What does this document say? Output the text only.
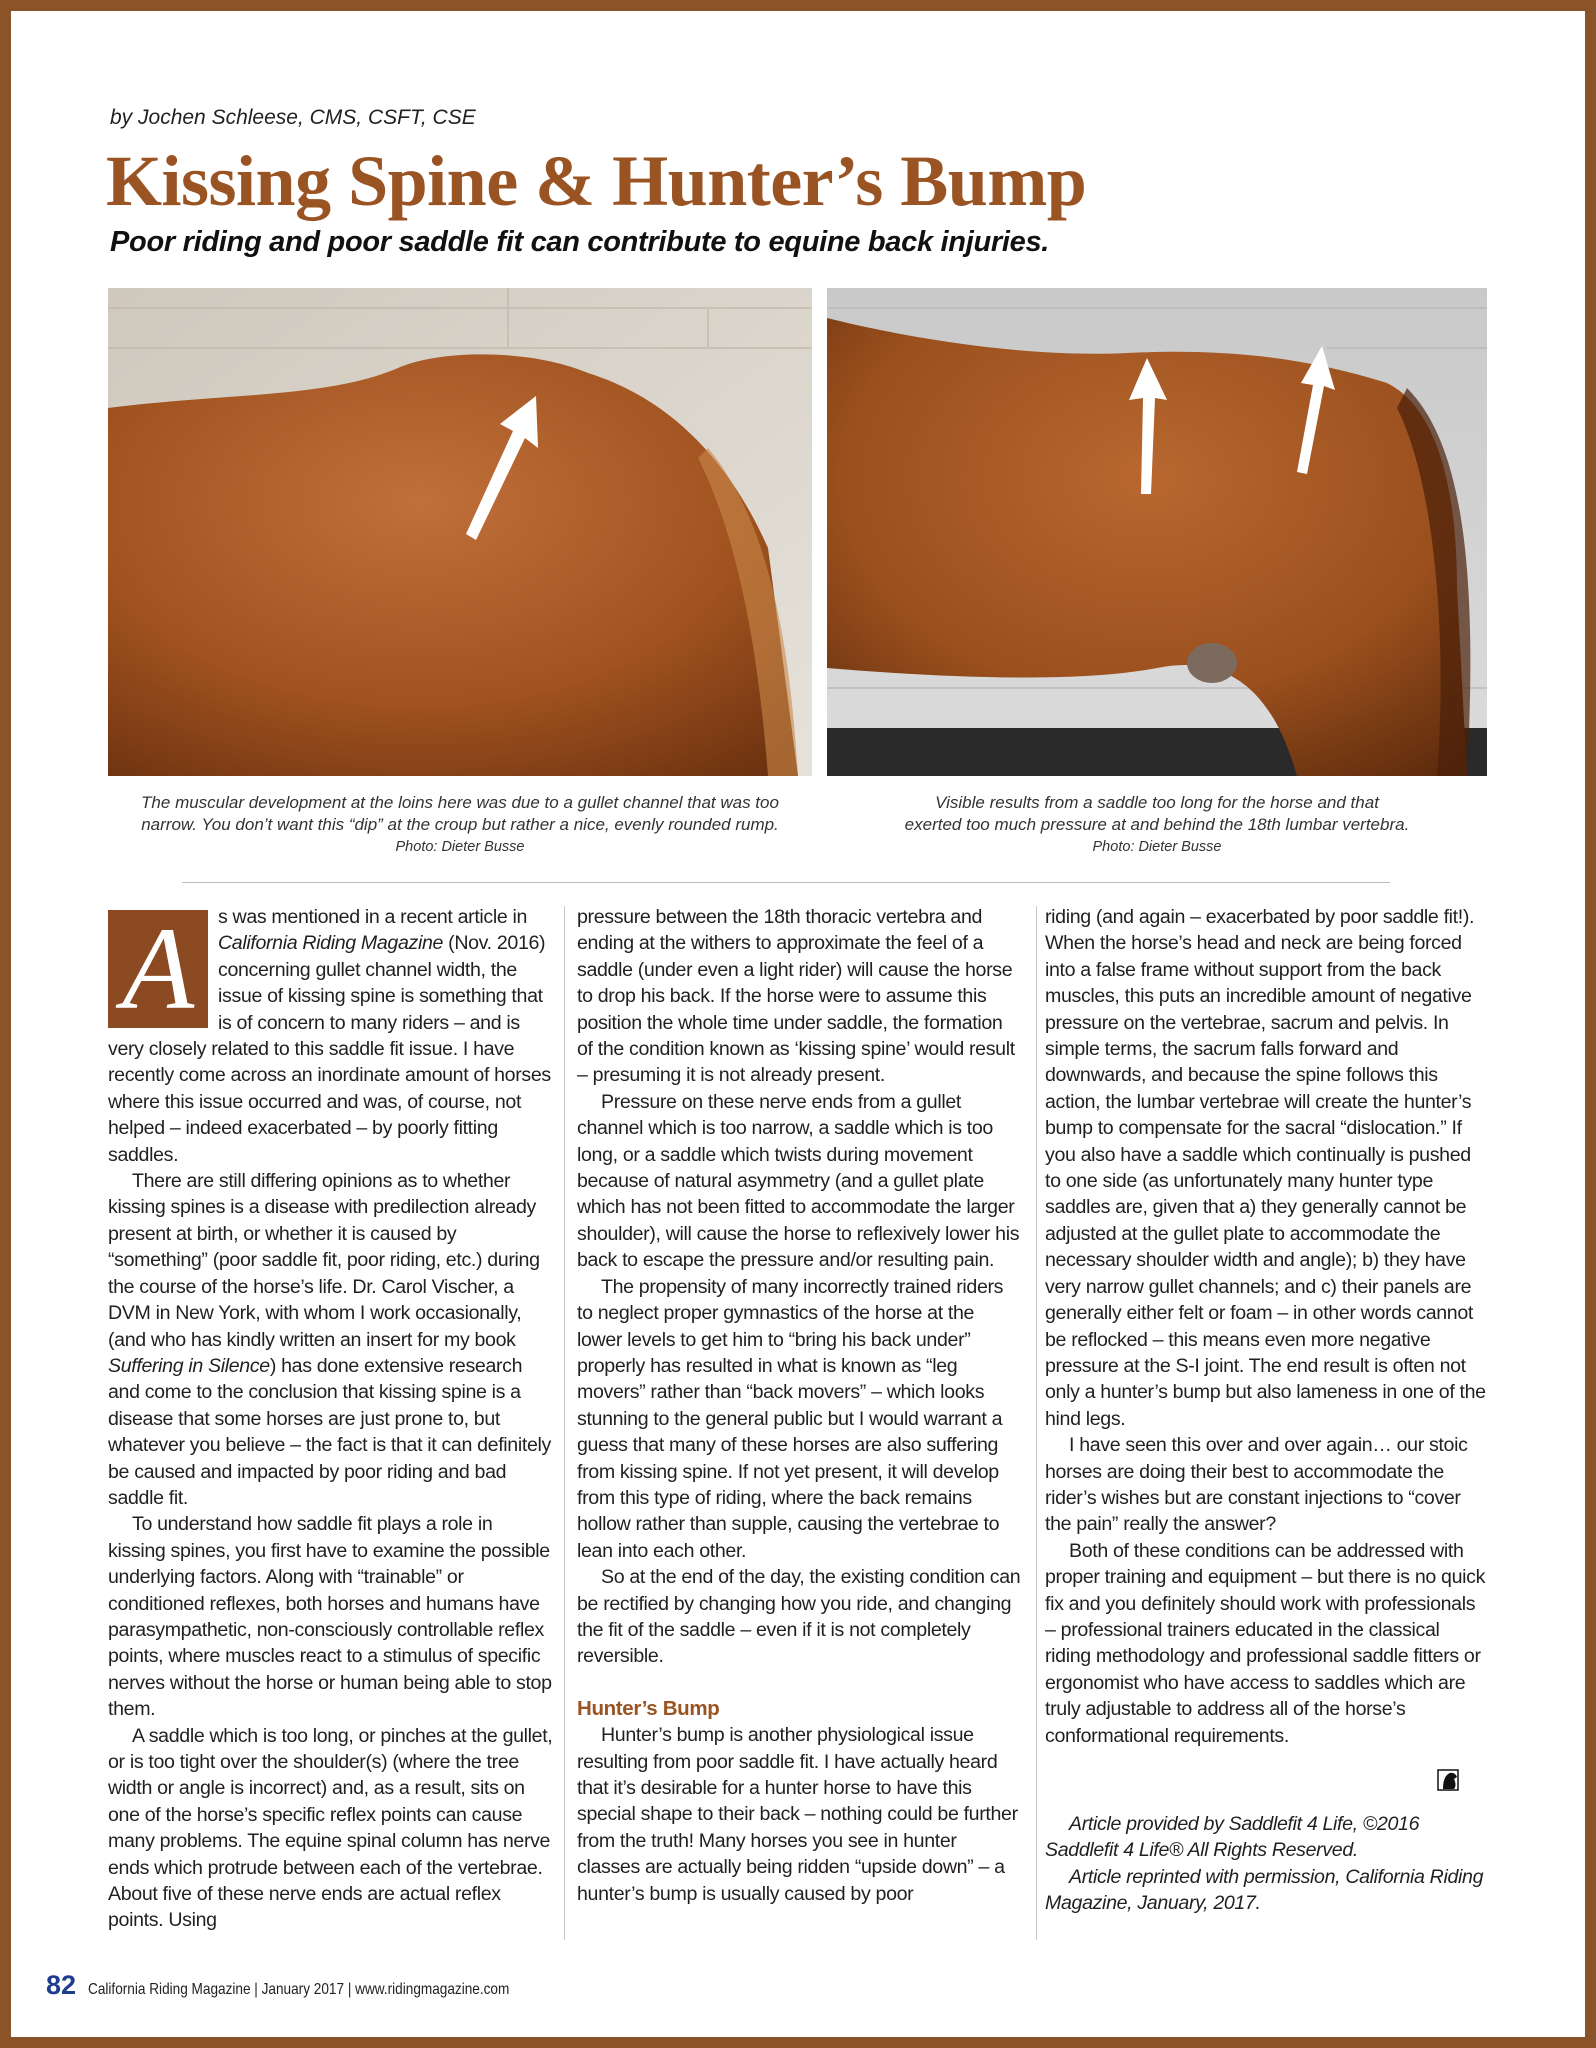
by Jochen Schleese, CMS, CSFT, CSE
Kissing Spine & Hunter’s Bump
Poor riding and poor saddle fit can contribute to equine back injuries.
The muscular development at the loins here was due to a gullet channel that was too
narrow. You don’t want this “dip” at the croup but rather a nice, evenly rounded rump.
Photo: Dieter Busse
Visible results from a saddle too long for the horse and that
exerted too much pressure at and behind the 18th lumbar vertebra.
Photo: Dieter Busse

A	s was mentioned in a recent article in California Riding Magazine (Nov. 2016) concerning gullet channel width, the issue of kissing spine is something that is of concern to many riders – and is very closely related to this saddle fit issue. I have recently come across an inordinate amount of horses where this issue occurred and was, of course, not helped – indeed exacerbated – by poorly fitting saddles.

There are still differing opinions as to whether kissing spines is a disease with predilection already present at birth, or whether it is caused by “something” (poor saddle fit, poor riding, etc.) during the course of the horse’s life. Dr. Carol Vischer, a DVM in New York, with whom I work occasionally, (and who has kindly written an insert for my book Suffering in Silence) has done extensive research and come to the conclusion that kissing spine is a disease that some horses are just prone to, but whatever you believe – the fact is that it can definitely be caused and impacted by poor riding and bad saddle fit.

To understand how saddle fit plays a role in kissing spines, you first have to examine the possible underlying factors. Along with “trainable” or conditioned reflexes, both horses and humans have parasympathetic, non-consciously controllable reflex points, where muscles react to a stimulus of specific nerves without the horse or human being able to stop them.

A saddle which is too long, or pinches at the gullet, or is too tight over the shoulder(s) (where the tree width or angle is incorrect) and, as a result, sits on one of the horse’s specific reflex points can cause many problems. The equine spinal column has nerve ends which protrude between each of the vertebrae. About five of these nerve ends are actual reflex points. Using

pressure between the 18th thoracic vertebra and ending at the withers to approximate the feel of a saddle (under even a light rider) will cause the horse to drop his back. If the horse were to assume this position the whole time under saddle, the formation of the condition known as ‘kissing spine’ would result – presuming it is not already present.

Pressure on these nerve ends from a gullet channel which is too narrow, a saddle which is too long, or a saddle which twists during movement because of natural asymmetry (and a gullet plate which has not been fitted to accommodate the larger shoulder), will cause the horse to reflexively lower his back to escape the pressure and/or resulting pain.

The propensity of many incorrectly trained riders to neglect proper gymnastics of the horse at the lower levels to get him to “bring his back under” properly has resulted in what is known as “leg movers” rather than “back movers” – which looks stunning to the general public but I would warrant a guess that many of these horses are also suffering from kissing spine. If not yet present, it will develop from this type of riding, where the back remains hollow rather than supple, causing the vertebrae to lean into each other.

So at the end of the day, the existing condition can be rectified by changing how you ride, and changing the fit of the saddle – even if it is not completely reversible.

Hunter’s Bump

Hunter’s bump is another physiological issue resulting from poor saddle fit. I have actually heard that it’s desirable for a hunter horse to have this special shape to their back – nothing could be further from the truth! Many horses you see in hunter classes are actually being ridden “upside down” – a hunter’s bump is usually caused by poor

riding (and again – exacerbated by poor saddle fit!). When the horse’s head and neck are being forced into a false frame without support from the back muscles, this puts an incredible amount of negative pressure on the vertebrae, sacrum and pelvis. In simple terms, the sacrum falls forward and downwards, and because the spine follows this action, the lumbar vertebrae will create the hunter’s bump to compensate for the sacral “dislocation.” If you also have a saddle which continually is pushed to one side (as unfortunately many hunter type saddles are, given that a) they generally cannot be adjusted at the gullet plate to accommodate the necessary shoulder width and angle); b) they have very narrow gullet channels; and c) their panels are generally either felt or foam – in other words cannot be reflocked – this means even more negative pressure at the S-I joint. The end result is often not only a hunter’s bump but also lameness in one of the hind legs.

I have seen this over and over again… our stoic horses are doing their best to accommodate the rider’s wishes but are constant injections to “cover the pain” really the answer?

Both of these conditions can be addressed with proper training and equipment – but there is no quick fix and you definitely should work with professionals – professional trainers educated in the classical riding methodology and professional saddle fitters or ergonomist who have access to saddles which are truly adjustable to address all of the horse’s conformational requirements.

Article provided by Saddlefit 4 Life, ©2016 Saddlefit 4 Life® All Rights Reserved.

Article reprinted with permission, California Riding Magazine, January, 2017.

82 California Riding Magazine | January 2017 | www.ridingmagazine.com
